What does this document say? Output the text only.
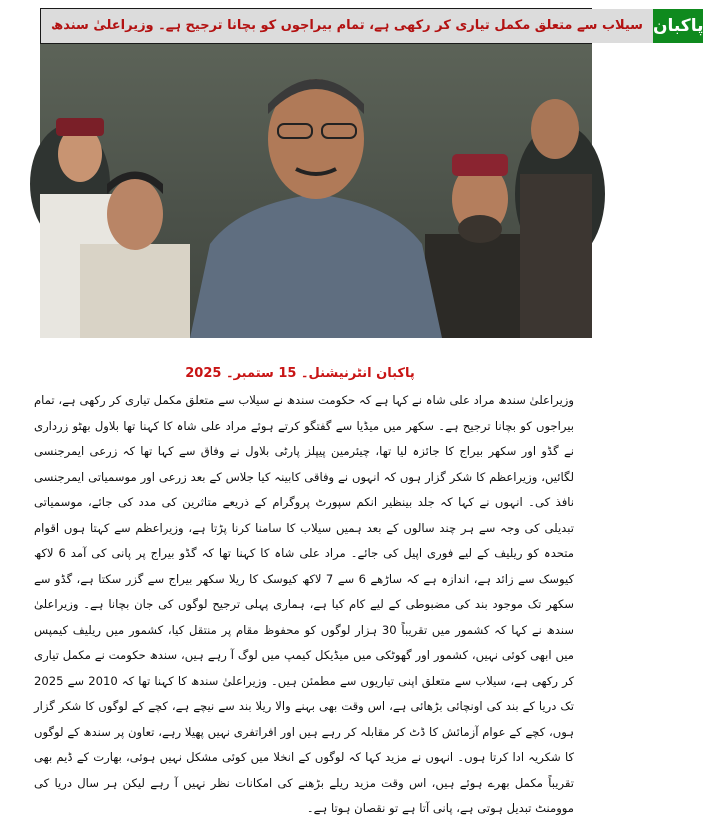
سیلاب سے متعلق مکمل تیاری کر رکھی ہے، تمام بیراجوں کو بچانا ترجیح ہے۔ وزیراعلیٰ سندھ پاکبان
پاکبان انٹرنیشنل۔ 15 ستمبر۔ 2025

وزیراعلیٰ سندھ مراد علی شاہ نے کہا ہے کہ حکومت سندھ نے سیلاب سے متعلق مکمل تیاری کر رکھی ہے، تمام بیراجوں کو بچانا ترجیح ہے۔ سکھر میں میڈیا سے گفتگو کرتے ہوئے مراد علی شاہ کا کہنا تھا بلاول بھٹو زرداری نے گڈو اور سکھر بیراج کا جائزہ لیا تھا، چیئرمین پیپلز پارٹی بلاول نے وفاق سے کہا تھا کہ زرعی ایمرجنسی لگائیں، وزیراعظم کا شکر گزار ہوں کہ انہوں نے وفاقی کابینہ کیا جلاس کے بعد زرعی اور موسمیاتی ایمرجنسی نافذ کی۔ انہوں نے کہا کہ جلد بینظیر انکم سپورٹ پروگرام کے ذریعے متاثرین کی مدد کی جائے، موسمیاتی تبدیلی کی وجہ سے ہر چند سالوں کے بعد ہمیں سیلاب کا سامنا کرنا پڑتا ہے، وزیراعظم سے کہتا ہوں اقوام متحدہ کو ریلیف کے لیے فوری اپیل کی جائے۔ مراد علی شاہ کا کہنا تھا کہ گڈو بیراج پر پانی کی آمد 6 لاکھ کیوسک سے زائد ہے، اندازہ ہے کہ ساڑھے 6 سے 7 لاکھ کیوسک کا ریلا سکھر بیراج سے گزر سکتا ہے، گڈو سے سکھر تک موجود بند کی مضبوطی کے لیے کام کیا ہے، ہماری پہلی ترجیح لوگوں کی جان بچانا ہے۔ وزیراعلیٰ سندھ نے کہا کہ کشمور میں تقریباً 30 ہزار لوگوں کو محفوظ مقام پر منتقل کیا، کشمور میں ریلیف کیمپس میں ابھی کوئی نہیں، کشمور اور گھوٹکی میں میڈیکل کیمپ میں لوگ آ رہے ہیں، سندھ حکومت نے مکمل تیاری کر رکھی ہے، سیلاب سے متعلق اپنی تیاریوں سے مطمئن ہیں۔ وزیراعلیٰ سندھ کا کہنا تھا کہ 2010 سے 2025 تک دریا کے بند کی اونچائی بڑھائی ہے، اس وقت بھی بہنے والا ریلا بند سے نیچے ہے، کچے کے لوگوں کا شکر گزار ہوں، کچے کے عوام آزمائش کا ڈٹ کر مقابلہ کر رہے ہیں اور افراتفری نہیں پھیلا رہے، تعاون پر سندھ کے لوگوں کا شکریہ ادا کرتا ہوں۔ انہوں نے مزید کہا کہ لوگوں کے انخلا میں کوئی مشکل نہیں ہوئی، بھارت کے ڈیم بھی تقریباً مکمل بھرے ہوئے ہیں، اس وقت مزید ریلے بڑھنے کی امکانات نظر نہیں آ رہے لیکن ہر سال دریا کی موومنٹ تبدیل ہوتی ہے، پانی آتا ہے تو نقصان ہوتا ہے۔
